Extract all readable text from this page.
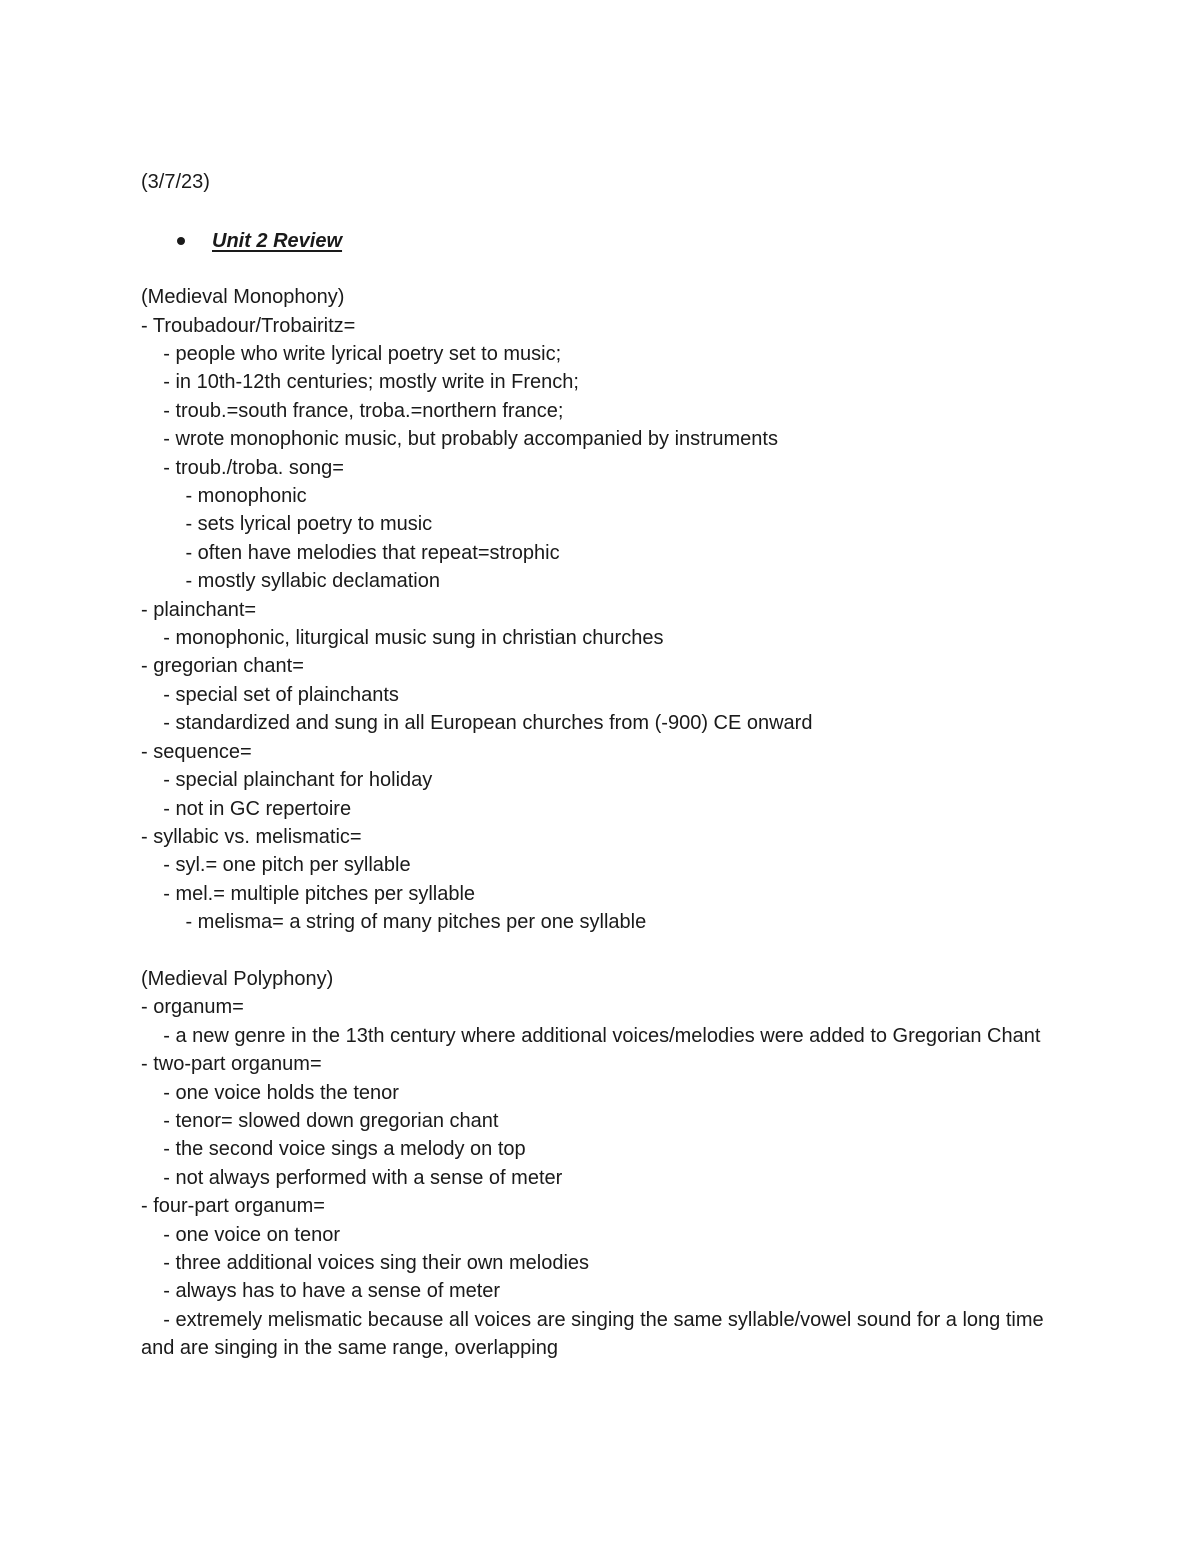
(3/7/23)
Unit 2 Review
(Medieval Monophony)
- Troubadour/Trobairitz=
- people who write lyrical poetry set to music;
- in 10th-12th centuries; mostly write in French;
- troub.=south france, troba.=northern france;
- wrote monophonic music, but probably accompanied by instruments
- troub./troba. song=
- monophonic
- sets lyrical poetry to music
- often have melodies that repeat=strophic
- mostly syllabic declamation
- plainchant=
- monophonic, liturgical music sung in christian churches
- gregorian chant=
- special set of plainchants
- standardized and sung in all European churches from (-900) CE onward
- sequence=
- special plainchant for holiday
- not in GC repertoire
- syllabic vs. melismatic=
- syl.= one pitch per syllable
- mel.= multiple pitches per syllable
- melisma= a string of many pitches per one syllable
(Medieval Polyphony)
- organum=
- a new genre in the 13th century where additional voices/melodies were added to Gregorian Chant
- two-part organum=
- one voice holds the tenor
- tenor= slowed down gregorian chant
- the second voice sings a melody on top
- not always performed with a sense of meter
- four-part organum=
- one voice on tenor
- three additional voices sing their own melodies
- always has to have a sense of meter
- extremely melismatic because all voices are singing the same syllable/vowel sound for a long time and are singing in the same range, overlapping
